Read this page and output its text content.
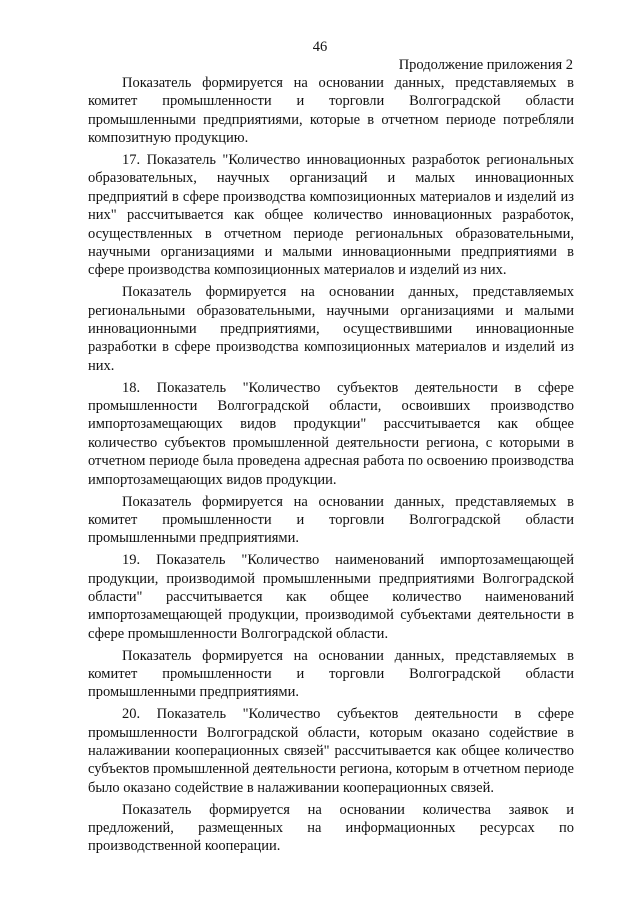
46
Продолжение приложения 2

Показатель формируется на основании данных, представляемых в комитет промышленности и торговли Волгоградской области промышленными предприятиями, которые в отчетном периоде потребляли композитную продукцию.

17. Показатель "Количество инновационных разработок региональных образовательных, научных организаций и малых инновационных предприятий в сфере производства композиционных материалов и изделий из них" рассчитывается как общее количество инновационных разработок, осуществленных в отчетном периоде региональных образовательными, научными организациями и малыми инновационными предприятиями в сфере производства композиционных материалов и изделий из них.

Показатель формируется на основании данных, представляемых региональными образовательными, научными организациями и малыми инновационными предприятиями, осуществившими инновационные разработки в сфере производства композиционных материалов и изделий из них.

18. Показатель "Количество субъектов деятельности в сфере промышленности Волгоградской области, освоивших производство импортозамещающих видов продукции" рассчитывается как общее количество субъектов промышленной деятельности региона, с которыми в отчетном периоде была проведена адресная работа по освоению производства импортозамещающих видов продукции.

Показатель формируется на основании данных, представляемых в комитет промышленности и торговли Волгоградской области промышленными предприятиями.

19. Показатель "Количество наименований импортозамещающей продукции, производимой промышленными предприятиями Волгоградской области" рассчитывается как общее количество наименований импортозамещающей продукции, производимой субъектами деятельности в сфере промышленности Волгоградской области.

Показатель формируется на основании данных, представляемых в комитет промышленности и торговли Волгоградской области промышленными предприятиями.

20. Показатель "Количество субъектов деятельности в сфере промышленности Волгоградской области, которым оказано содействие в налаживании кооперационных связей" рассчитывается как общее количество субъектов промышленной деятельности региона, которым в отчетном периоде было оказано содействие в налаживании кооперационных связей.

Показатель формируется на основании количества заявок и предложений, размещенных на информационных ресурсах по производственной кооперации.
